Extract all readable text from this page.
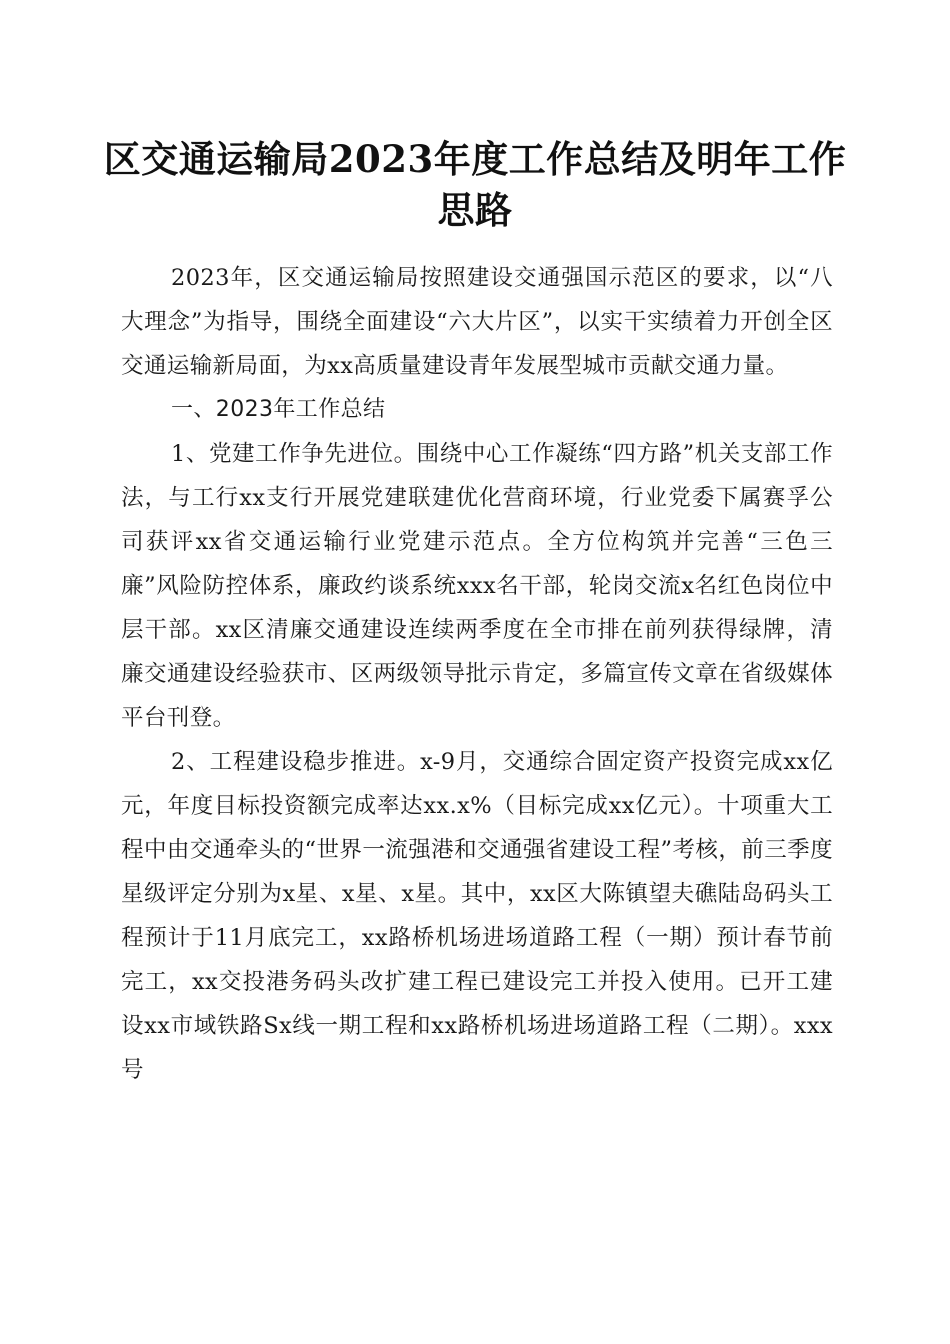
区交通运输局2023年度工作总结及明年工作
思路

2023年，区交通运输局按照建设交通强国示范区的要求，以“八大理念”为指导，围绕全面建设“六大片区”，以实干实绩着力开创全区交通运输新局面，为xx高质量建设青年发展型城市贡献交通力量。

一、2023年工作总结

1、党建工作争先进位。围绕中心工作凝练“四方路”机关支部工作法，与工行xx支行开展党建联建优化营商环境，行业党委下属赛孚公司获评xx省交通运输行业党建示范点。全方位构筑并完善“三色三廉”风险防控体系，廉政约谈系统xxx名干部，轮岗交流x名红色岗位中层干部。xx区清廉交通建设连续两季度在全市排在前列获得绿牌，清廉交通建设经验获市、区两级领导批示肯定，多篇宣传文章在省级媒体平台刊登。

2、工程建设稳步推进。x-9月，交通综合固定资产投资完成xx亿元，年度目标投资额完成率达xx.x%（目标完成xx亿元）。十项重大工程中由交通牵头的“世界一流强港和交通强省建设工程”考核，前三季度星级评定分别为x星、x星、x星。其中，xx区大陈镇望夫礁陆岛码头工程预计于11月底完工，xx路桥机场进场道路工程（一期）预计春节前完工，xx交投港务码头改扩建工程已建设完工并投入使用。已开工建设xx市域铁路Sx线一期工程和xx路桥机场进场道路工程（二期）。xxx号
